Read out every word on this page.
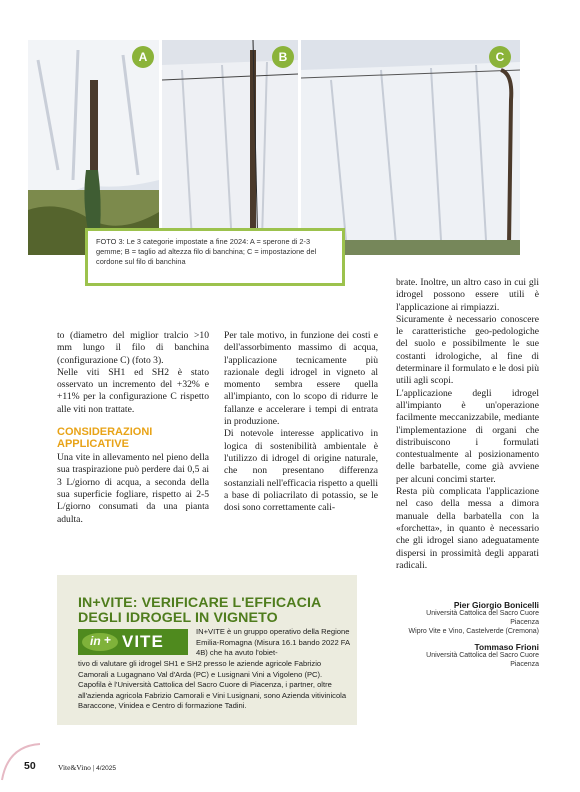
A	B	C

FOTO 3: Le 3 categorie impostate a fine 2024: A = sperone di 2-3 gemme; B = taglio ad altezza filo di banchina; C = impostazione del cordone sul filo di banchina

to (diametro del miglior tralcio >10 mm lungo il filo di banchina (configurazione C) (foto 3).

Nelle viti SH1 ed SH2 è stato osservato un incremento del +32% e +11% per la configurazione C rispetto alle viti non trattate.

CONSIDERAZIONI APPLICATIVE

Una vite in allevamento nel pieno della sua traspirazione può perdere dai 0,5 ai 3 L/giorno di acqua, a seconda della sua superficie fogliare, rispetto ai 2-5 L/giorno consumati da una pianta adulta.

Per tale motivo, in funzione dei costi e dell'assorbimento massimo di acqua, l'applicazione tecnicamente più razionale degli idrogel in vigneto al momento sembra essere quella all'impianto, con lo scopo di ridurre le fallanze e accelerare i tempi di entrata in produzione.

Di notevole interesse applicativo in logica di sostenibilità ambientale è l'utilizzo di idrogel di origine naturale, che non presentano differenza sostanziali nell'efficacia rispetto a quelli a base di poliacrilato di potassio, se le dosi sono correttamente cali-

brate. Inoltre, un altro caso in cui gli idrogel possono essere utili è l'applicazione ai rimpiazzi.

Sicuramente è necessario conoscere le caratteristiche geo-pedologiche del suolo e possibilmente le sue costanti idrologiche, al fine di determinare il formulato e le dosi più utili agli scopi.

L'applicazione degli idrogel all'impianto è un'operazione facilmente meccanizzabile, mediante l'implementazione di organi che distribuiscono i formulati contestualmente al posizionamento delle barbatelle, come già avviene per alcuni concimi starter.

Resta più complicata l'applicazione nel caso della messa a dimora manuale della barbatella con la «forchetta», in quanto è necessario che gli idrogel siano adeguatamente dispersi in prossimità degli apparati radicali.

IN+VITE: VERIFICARE L'EFFICACIA DEGLI IDROGEL IN VIGNETO
in + VITE
IN+VITE è un gruppo operativo della Regione Emilia-Romagna (Misura 16.1 bando 2022 FA 4B) che ha avuto l'obiet-
tivo di valutare gli idrogel SH1 e SH2 presso le aziende agricole Fabrizio Camorali a Lugagnano Val d'Arda (PC) e Lusignani Vini a Vigoleno (PC). Capofila è l'Università Cattolica del Sacro Cuore di Piacenza, i partner, oltre all'azienda agricola Fabrizio Camorali e Vini Lusignani, sono Azienda vitivinicola Baraccone, Vinidea e Centro di formazione Tadini.
Pier Giorgio Bonicelli
Università Cattolica del Sacro Cuore
Piacenza
Wipro Vite e Vino, Castelverde (Cremona)
Tommaso Frioni
Università Cattolica del Sacro Cuore
Piacenza
50	Vite&Vino | 4/2025
